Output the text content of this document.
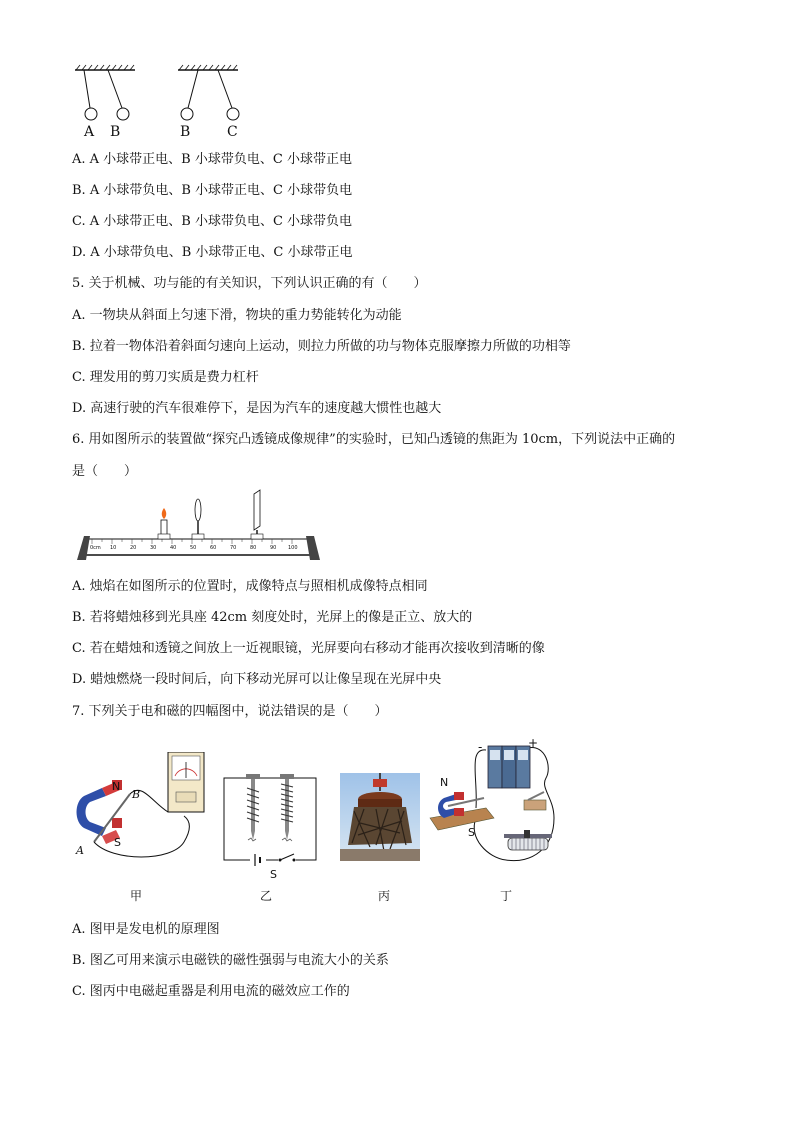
A B	B	C
A. A 小球带正电、B 小球带负电、C 小球带正电
B. A 小球带负电、B 小球带正电、C 小球带负电
C. A 小球带正电、B 小球带负电、C 小球带负电
D. A 小球带负电、B 小球带正电、C 小球带正电
5. 关于机械、功与能的有关知识，下列认识正确的有（　　）
A. 一物块从斜面上匀速下滑，物块的重力势能转化为动能
B. 拉着一物体沿着斜面匀速向上运动，则拉力所做的功与物体克服摩擦力所做的功相等
C. 理发用的剪刀实质是费力杠杆
D. 高速行驶的汽车很难停下，是因为汽车的速度越大惯性也越大
6. 用如图所示的装置做“探究凸透镜成像规律”的实验时，已知凸透镜的焦距为 10cm，下列说法中正确的
是（　　）
0cm 10	20	30	40	50	60	70	80	90 100
A. 烛焰在如图所示的位置时，成像特点与照相机成像特点相同
B. 若将蜡烛移到光具座 42cm 刻度处时，光屏上的像是正立、放大的
C. 若在蜡烛和透镜之间放上一近视眼镜，光屏要向右移动才能再次接收到清晰的像
D. 蜡烛燃烧一段时间后，向下移动光屏可以让像呈现在光屏中央
7. 下列关于电和磁的四幅图中，说法错误的是（　　）
N
B
S
A
S
-	+
N
S
甲	乙	丙	丁
A. 图甲是发电机的原理图
B. 图乙可用来演示电磁铁的磁性强弱与电流大小的关系
C. 图丙中电磁起重器是利用电流的磁效应工作的
